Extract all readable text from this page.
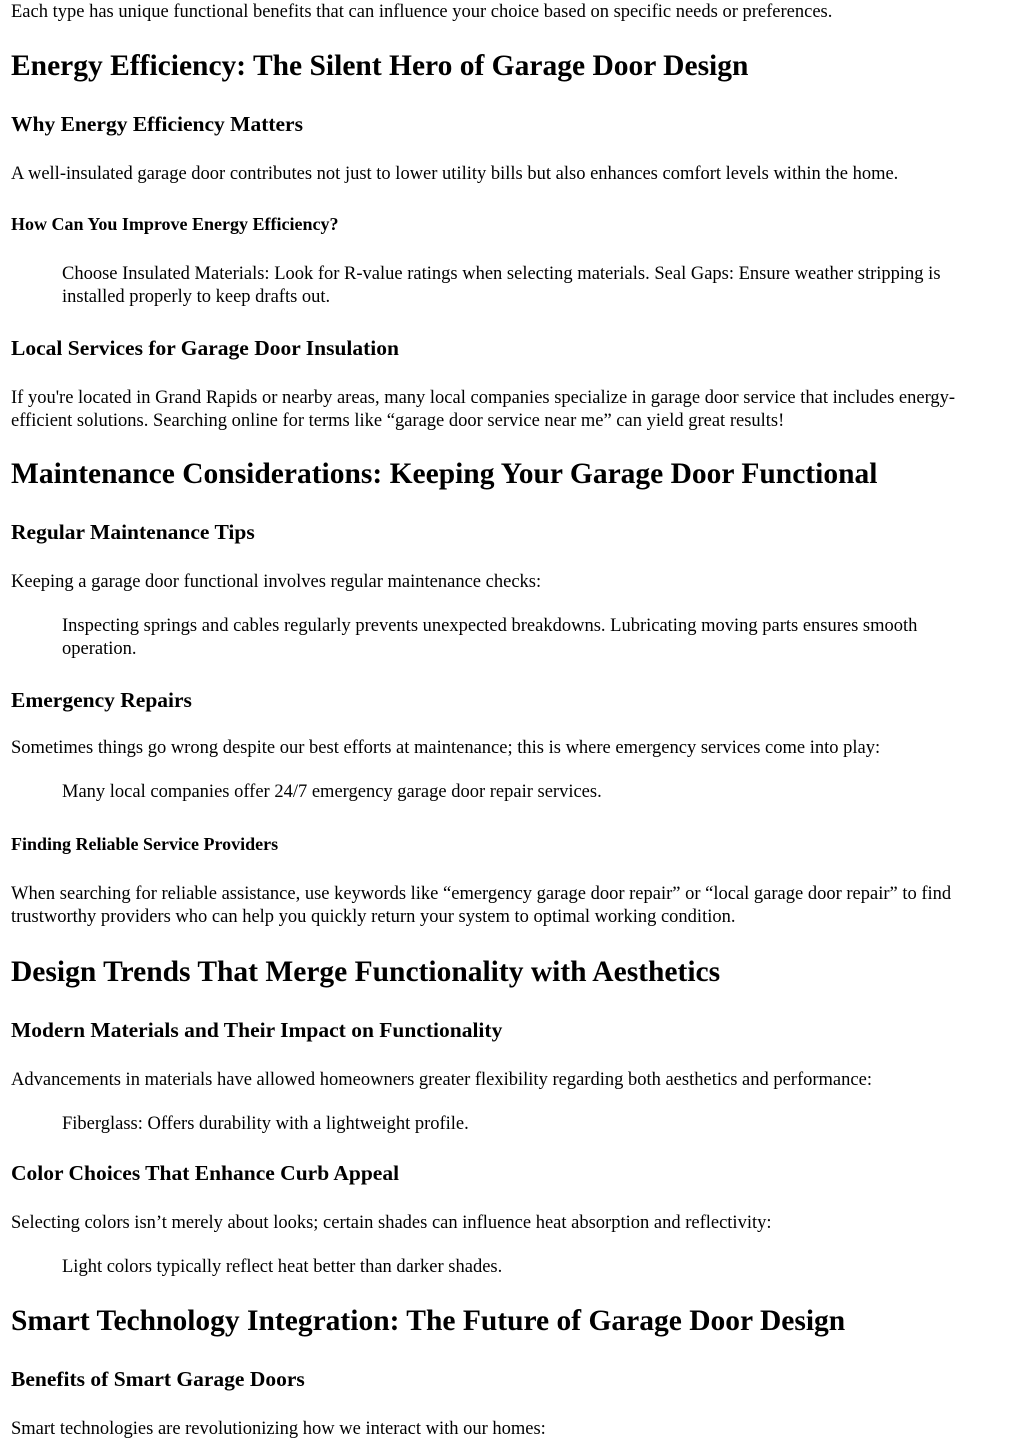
Each type has unique functional benefits that can influence your choice based on specific needs or preferences.

Energy Efficiency: The Silent Hero of Garage Door Design
Why Energy Efficiency Matters

A well-insulated garage door contributes not just to lower utility bills but also enhances comfort levels within the home.

How Can You Improve Energy Efficiency?
Choose Insulated Materials: Look for R-value ratings when selecting materials. Seal Gaps: Ensure weather stripping is installed properly to keep drafts out.
Local Services for Garage Door Insulation

If you're located in Grand Rapids or nearby areas, many local companies specialize in garage door service that includes energy-efficient solutions. Searching online for terms like “garage door service near me” can yield great results!

Maintenance Considerations: Keeping Your Garage Door Functional
Regular Maintenance Tips

Keeping a garage door functional involves regular maintenance checks:

Inspecting springs and cables regularly prevents unexpected breakdowns. Lubricating moving parts ensures smooth operation.
Emergency Repairs

Sometimes things go wrong despite our best efforts at maintenance; this is where emergency services come into play:

Many local companies offer 24/7 emergency garage door repair services.
Finding Reliable Service Providers

When searching for reliable assistance, use keywords like “emergency garage door repair” or “local garage door repair” to find trustworthy providers who can help you quickly return your system to optimal working condition.

Design Trends That Merge Functionality with Aesthetics
Modern Materials and Their Impact on Functionality

Advancements in materials have allowed homeowners greater flexibility regarding both aesthetics and performance:

Fiberglass: Offers durability with a lightweight profile.
Color Choices That Enhance Curb Appeal

Selecting colors isn’t merely about looks; certain shades can influence heat absorption and reflectivity:

Light colors typically reflect heat better than darker shades.
Smart Technology Integration: The Future of Garage Door Design
Benefits of Smart Garage Doors

Smart technologies are revolutionizing how we interact with our homes:
